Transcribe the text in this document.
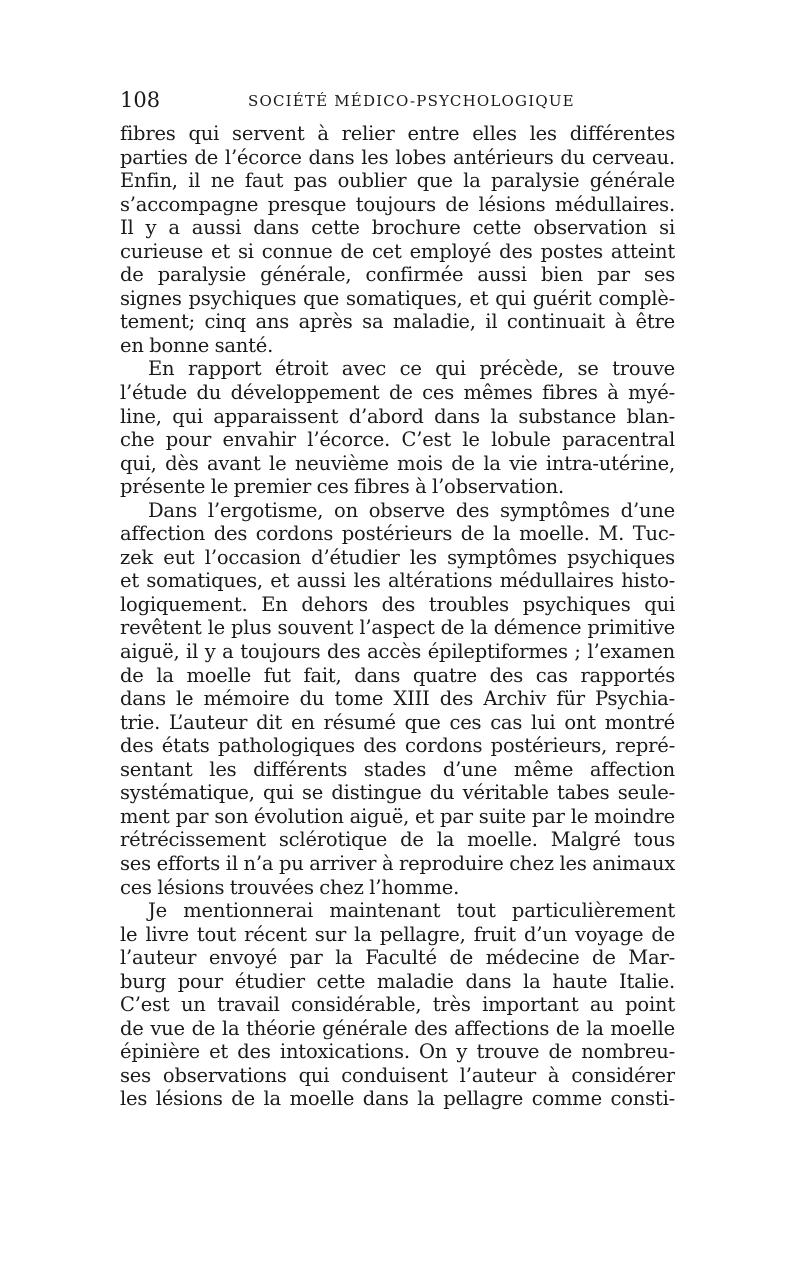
108	SOCIÉTÉ MÉDICO-PSYCHOLOGIQUE
fibres qui servent à relier entre elles les différentes
parties de l’écorce dans les lobes antérieurs du cerveau.
Enfin, il ne faut pas oublier que la paralysie générale
s’accompagne presque toujours de lésions médullaires.
Il y a aussi dans cette brochure cette observation si
curieuse et si connue de cet employé des postes atteint
de paralysie générale, confirmée aussi bien par ses
signes psychiques que somatiques, et qui guérit complè-
tement; cinq ans après sa maladie, il continuait à être
en bonne santé.
En rapport étroit avec ce qui précède, se trouve
l’étude du développement de ces mêmes fibres à myé-
line, qui apparaissent d’abord dans la substance blan-
che pour envahir l’écorce. C’est le lobule paracentral
qui, dès avant le neuvième mois de la vie intra-utérine,
présente le premier ces fibres à l’observation.
Dans l’ergotisme, on observe des symptômes d’une
affection des cordons postérieurs de la moelle. M. Tuc-
zek eut l’occasion d’étudier les symptômes psychiques
et somatiques, et aussi les altérations médullaires histo-
logiquement. En dehors des troubles psychiques qui
revêtent le plus souvent l’aspect de la démence primitive
aiguë, il y a toujours des accès épileptiformes ; l’examen
de la moelle fut fait, dans quatre des cas rapportés
dans le mémoire du tome XIII des Archiv für Psychia-
trie. L’auteur dit en résumé que ces cas lui ont montré
des états pathologiques des cordons postérieurs, repré-
sentant les différents stades d’une même affection
systématique, qui se distingue du véritable tabes seule-
ment par son évolution aiguë, et par suite par le moindre
rétrécissement sclérotique de la moelle. Malgré tous
ses efforts il n’a pu arriver à reproduire chez les animaux
ces lésions trouvées chez l’homme.
Je mentionnerai maintenant tout particulièrement
le livre tout récent sur la pellagre, fruit d’un voyage de
l’auteur envoyé par la Faculté de médecine de Mar-
burg pour étudier cette maladie dans la haute Italie.
C’est un travail considérable, très important au point
de vue de la théorie générale des affections de la moelle
épinière et des intoxications. On y trouve de nombreu-
ses observations qui conduisent l’auteur à considérer
les lésions de la moelle dans la pellagre comme consti-
